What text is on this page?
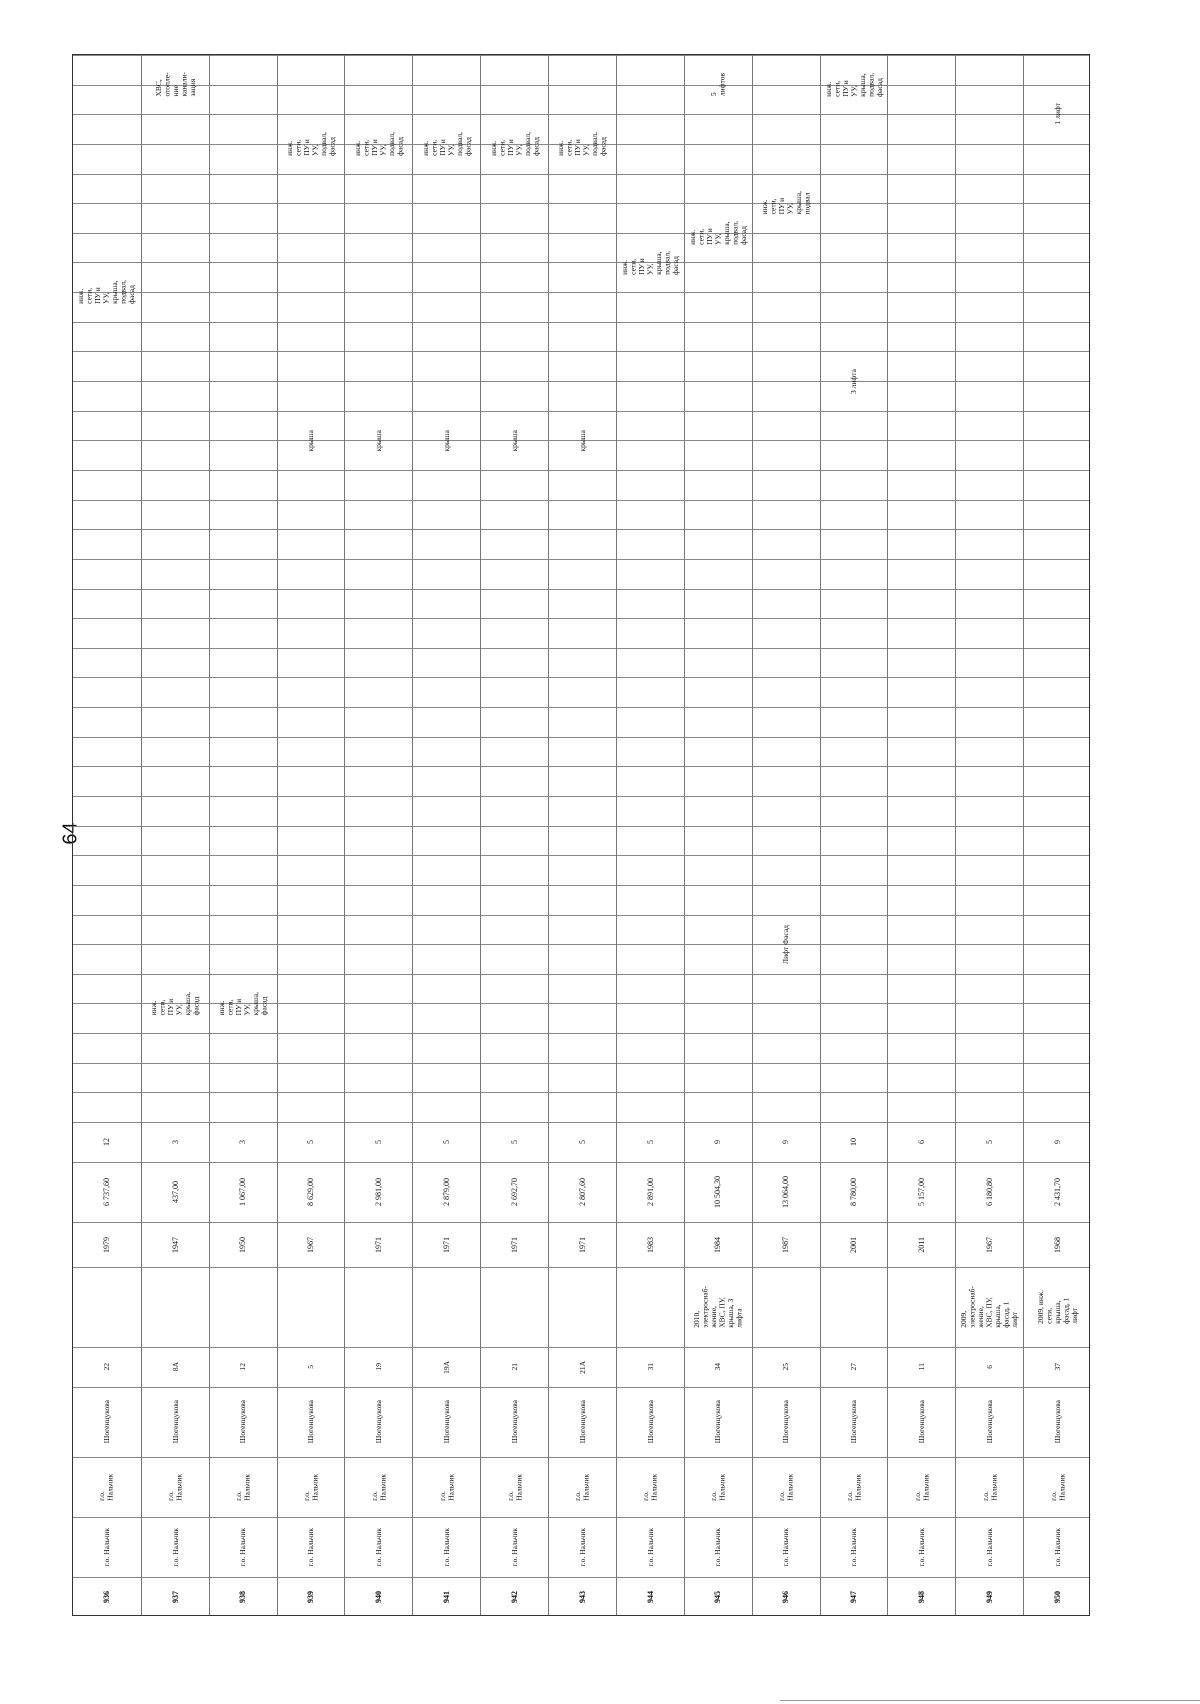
64
936
г.о. Нальчик
г.о.
Нальчик
Шогенцукова
22
1979
6 737,60
12
инж.
сети,
ПУ и
УУ,
крыша,
подвал,
фасад
937
г.о. Нальчик
г.о.
Нальчик
Шогенцукова
8А
1947
437,00
3
инж.
сети,
ПУ и
УУ,
крыша,
фасад
ХВС,
отопле-
ние
канали-
зация
938
г.о. Нальчик
г.о.
Нальчик
Шогенцукова
12
1950
1 067,00
3
инж.
сети,
ПУ и
УУ,
крыша,
фасад
939
г.о. Нальчик
г.о.
Нальчик
Шогенцукова
5
1967
8 629,00
5
крыша
инж.
сети,
ПУ и
УУ,
подвал,
фасад
940
г.о. Нальчик
г.о.
Нальчик
Шогенцукова
19
1971
2 981,00
5
крыша
инж.
сети,
ПУ и
УУ,
подвал,
фасад
941
г.о. Нальчик
г.о.
Нальчик
Шогенцукова
19А
1971
2 879,00
5
крыша
инж.
сети,
ПУ и
УУ,
подвал,
фасад
942
г.о. Нальчик
г.о.
Нальчик
Шогенцукова
21
1971
2 692,70
5
крыша
инж.
сети,
ПУ и
УУ,
подвал,
фасад
943
г.о. Нальчик
г.о.
Нальчик
Шогенцукова
21А
1971
2 807,60
5
крыша
инж.
сети,
ПУ и
УУ,
подвал,
фасад
944
г.о. Нальчик
г.о.
Нальчик
Шогенцукова
31
1983
2 891,00
5
инж.
сети,
ПУ и
УУ,
крыша,
подвал,
фасад
945
г.о. Нальчик
г.о.
Нальчик
Шогенцукова
34
2010,
электроснаб-
жение,
ХВС, ПУ,
крыша, 3
лифта
1984
10 504,30
9
инж.
сети,
ПУ и
УУ,
крыша,
подвал,
фасад
5
лифтов
946
г.о. Нальчик
г.о.
Нальчик
Шогенцукова
25
1987
13 064,00
9
Лифт Фасад
инж.
сети,
ПУ и
УУ,
крыша,
подвал
947
г.о. Нальчик
г.о.
Нальчик
Шогенцукова
27
2001
8 780,00
10
3 лифта
инж.
сети,
ПУ и
УУ,
крыша,
подвал,
фасад
948
г.о. Нальчик
г.о.
Нальчик
Шогенцукова
11
2011
5 157,00
6
949
г.о. Нальчик
г.о.
Нальчик
Шогенцукова
6
2009,
электроснаб-
жение,
ХВС, ПУ,
крыша,
фасад, 1
лифт
1967
6 180,80
5
950
г.о. Нальчик
г.о.
Нальчик
Шогенцукова
37
2009, инж.
сети,
крыша,
фасад, 1
лифт
1968
2 431,70
9
1 лифт
